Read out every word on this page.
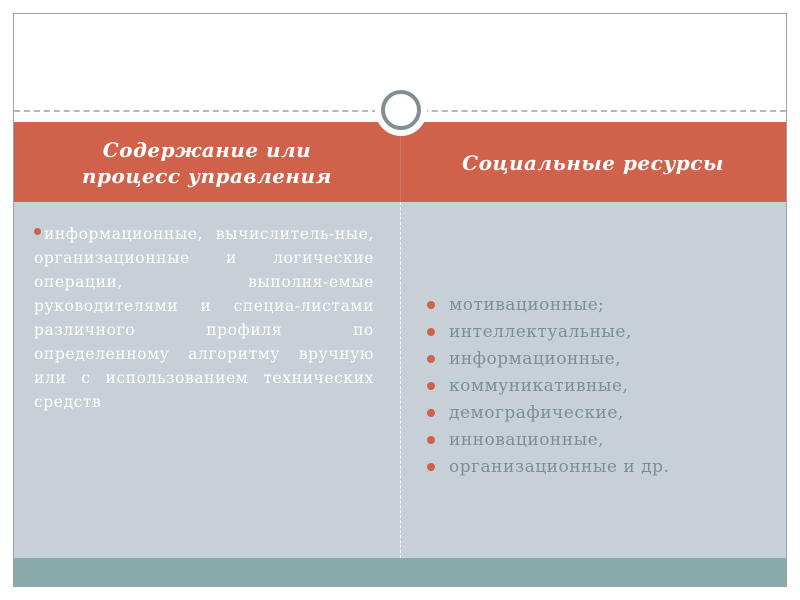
Содержание или
процесс управления
Социальные ресурсы
информационные, вычислитель-ные, организационные и логические операции, выполня-емые руководителями и специа-листами различного профиля по определенному алгоритму вручную или с использованием технических средств
мотивационные;
интеллектуальные,
информационные,
коммуникативные,
демографические,
инновационные,
организационные и др.
